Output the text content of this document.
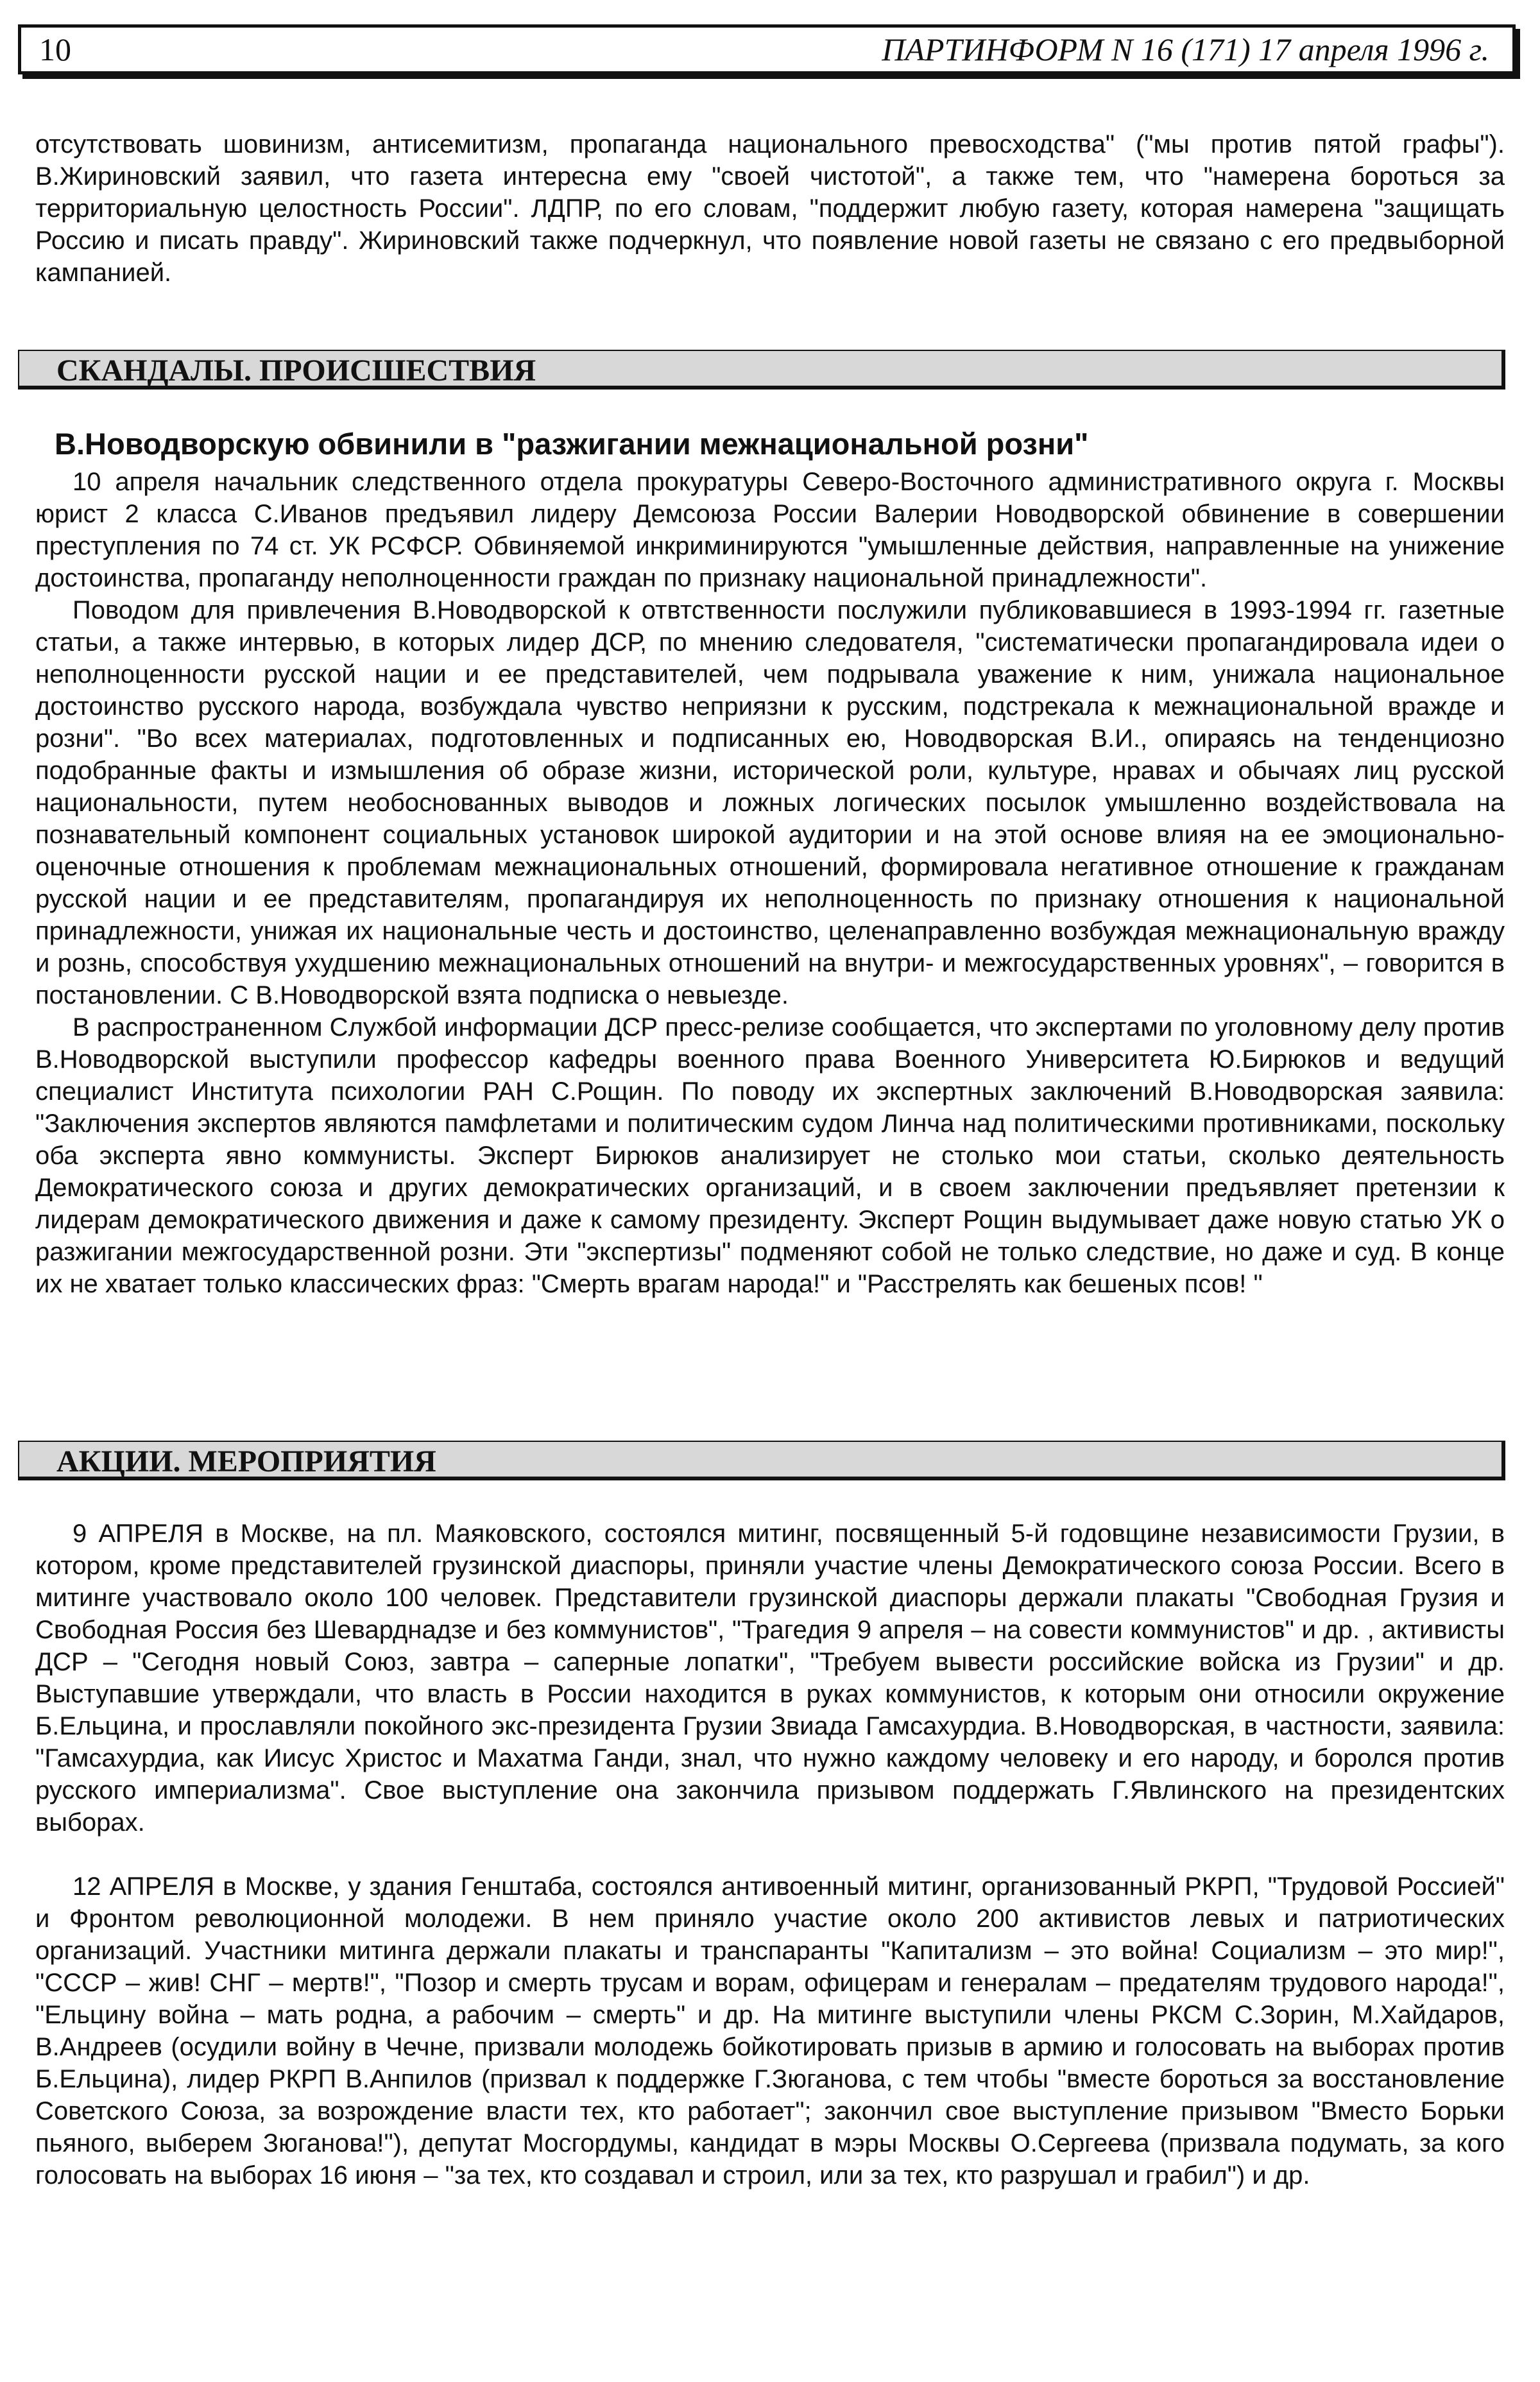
10	ПАРТИНФОРМ N 16 (171) 17 апреля 1996 г.

отсутствовать шовинизм, антисемитизм, пропаганда национального превосходства" ("мы против пятой графы"). В.Жириновский заявил, что газета интересна ему "своей чистотой", а также тем, что "намерена бороться за территориальную целостность России". ЛДПР, по его словам, "поддержит любую газету, которая намерена "защищать Россию и писать правду". Жириновский также подчеркнул, что появление новой газеты не связано с его предвыборной кампанией.

СКАНДАЛЫ. ПРОИСШЕСТВИЯ
В.Новодворскую обвинили в "разжигании межнациональной розни"

10 апреля начальник следственного отдела прокуратуры Северо-Восточного административного округа г. Москвы юрист 2 класса С.Иванов предъявил лидеру Демсоюза России Валерии Новодворской обвинение в совершении преступления по 74 ст. УК РСФСР. Обвиняемой инкриминируются "умышленные действия, направленные на унижение достоинства, пропаганду неполноценности граждан по признаку национальной принадлежности".

Поводом для привлечения В.Новодворской к отвтственности послужили публиковавшиеся в 1993-1994 гг. газетные статьи, а также интервью, в которых лидер ДСР, по мнению следователя, "систематически пропагандировала идеи о неполноценности русской нации и ее представителей, чем подрывала уважение к ним, унижала национальное достоинство русского народа, возбуждала чувство неприязни к русским, подстрекала к межнациональной вражде и розни". "Во всех материалах, подготовленных и подписанных ею, Новодворская В.И., опираясь на тенденциозно подобранные факты и измышления об образе жизни, исторической роли, культуре, нравах и обычаях лиц русской национальности, путем необоснованных выводов и ложных логических посылок умышленно воздействовала на познавательный компонент социальных установок широкой аудитории и на этой основе влияя на ее эмоционально-оценочные отношения к проблемам межнациональных отношений, формировала негативное отношение к гражданам русской нации и ее представителям, пропагандируя их неполноценность по признаку отношения к национальной принадлежности, унижая их национальные честь и достоинство, целенаправленно возбуждая межнациональную вражду и рознь, способствуя ухудшению межнациональных отношений на внутри- и межгосударственных уровнях", – говорится в постановлении. С В.Новодворской взята подписка о невыезде.

В распространенном Службой информации ДСР пресс-релизе сообщается, что экспертами по уголовному делу против В.Новодворской выступили профессор кафедры военного права Военного Университета Ю.Бирюков и ведущий специалист Института психологии РАН С.Рощин. По поводу их экспертных заключений В.Новодворская заявила: "Заключения экспертов являются памфлетами и политическим судом Линча над политическими противниками, поскольку оба эксперта явно коммунисты. Эксперт Бирюков анализирует не столько мои статьи, сколько деятельность Демократического союза и других демократических организаций, и в своем заключении предъявляет претензии к лидерам демократического движения и даже к самому президенту. Эксперт Рощин выдумывает даже новую статью УК о разжигании межгосударственной розни. Эти "экспертизы" подменяют собой не только следствие, но даже и суд. В конце их не хватает только классических фраз: "Смерть врагам народа!" и "Расстрелять как бешеных псов! "

АКЦИИ. МЕРОПРИЯТИЯ

9 АПРЕЛЯ в Москве, на пл. Маяковского, состоялся митинг, посвященный 5-й годовщине независимости Грузии, в котором, кроме представителей грузинской диаспоры, приняли участие члены Демократического союза России. Всего в митинге участвовало около 100 человек. Представители грузинской диаспоры держали плакаты "Свободная Грузия и Свободная Россия без Шеварднадзе и без коммунистов", "Трагедия 9 апреля – на совести коммунистов" и др. , активисты ДСР – "Сегодня новый Союз, завтра – саперные лопатки", "Требуем вывести российские войска из Грузии" и др. Выступавшие утверждали, что власть в России находится в руках коммунистов, к которым они относили окружение Б.Ельцина, и прославляли покойного экс-президента Грузии Звиада Гамсахурдиа. В.Новодворская, в частности, заявила: "Гамсахурдиа, как Иисус Христос и Махатма Ганди, знал, что нужно каждому человеку и его народу, и боролся против русского империализма". Свое выступление она закончила призывом поддержать Г.Явлинского на президентских выборах.

12 АПРЕЛЯ в Москве, у здания Генштаба, состоялся антивоенный митинг, организованный РКРП, "Трудовой Россией" и Фронтом революционной молодежи. В нем приняло участие около 200 активистов левых и патриотических организаций. Участники митинга держали плакаты и транспаранты "Капитализм – это война! Социализм – это мир!", "СССР – жив! СНГ – мертв!", "Позор и смерть трусам и ворам, офицерам и генералам – предателям трудового народа!", "Ельцину война – мать родна, а рабочим – смерть" и др. На митинге выступили члены РКСМ С.Зорин, М.Хайдаров, В.Андреев (осудили войну в Чечне, призвали молодежь бойкотировать призыв в армию и голосовать на выборах против Б.Ельцина), лидер РКРП В.Анпилов (призвал к поддержке Г.Зюганова, с тем чтобы "вместе бороться за восстановление Советского Союза, за возрождение власти тех, кто работает"; закончил свое выступление призывом "Вместо Борьки пьяного, выберем Зюганова!"), депутат Мосгордумы, кандидат в мэры Москвы О.Сергеева (призвала подумать, за кого голосовать на выборах 16 июня – "за тех, кто создавал и строил, или за тех, кто разрушал и грабил") и др.
